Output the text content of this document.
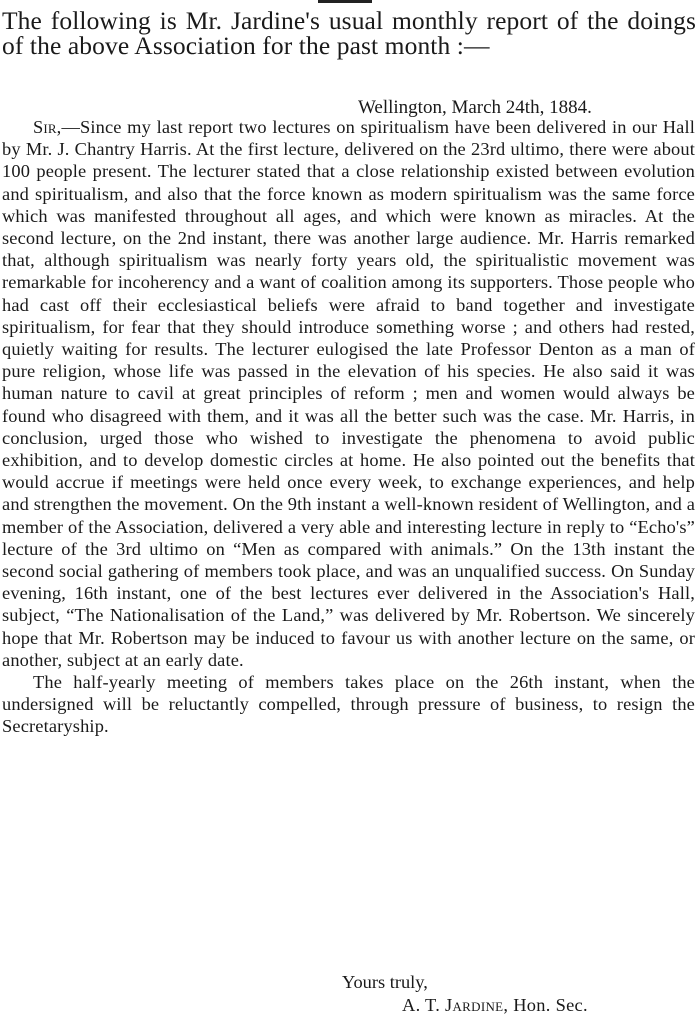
The following is Mr. Jardine's usual monthly report of the doings of the above Association for the past month :—
Wellington, March 24th, 1884.

Sir,—Since my last report two lectures on spiritualism have been delivered in our Hall by Mr. J. Chantry Harris. At the first lecture, delivered on the 23rd ultimo, there were about 100 people present. The lecturer stated that a close relationship existed between evolution and spiritualism, and also that the force known as modern spiritualism was the same force which was manifested throughout all ages, and which were known as miracles. At the second lecture, on the 2nd instant, there was another large audience. Mr. Harris remarked that, although spiritualism was nearly forty years old, the spiritualistic movement was remarkable for incoherency and a want of coalition among its supporters. Those people who had cast off their ecclesiastical beliefs were afraid to band together and investigate spiritualism, for fear that they should introduce something worse ; and others had rested, quietly waiting for results. The lecturer eulogised the late Professor Denton as a man of pure religion, whose life was passed in the elevation of his species. He also said it was human nature to cavil at great principles of reform ; men and women would always be found who disagreed with them, and it was all the better such was the case. Mr. Harris, in conclusion, urged those who wished to investigate the phenomena to avoid public exhibition, and to develop domestic circles at home. He also pointed out the benefits that would accrue if meetings were held once every week, to exchange experiences, and help and strengthen the movement. On the 9th instant a well-known resident of Wellington, and a member of the Association, delivered a very able and interesting lecture in reply to “Echo's” lecture of the 3rd ultimo on “Men as compared with animals.” On the 13th instant the second social gathering of members took place, and was an unqualified success. On Sunday evening, 16th instant, one of the best lectures ever delivered in the Association's Hall, subject, “The Nationalisation of the Land,” was delivered by Mr. Robertson. We sincerely hope that Mr. Robertson may be induced to favour us with another lecture on the same, or another, subject at an early date.

The half-yearly meeting of members takes place on the 26th instant, when the undersigned will be reluctantly compelled, through pressure of business, to resign the Secretaryship.

Yours truly,
A. T. Jardine, Hon. Sec.
